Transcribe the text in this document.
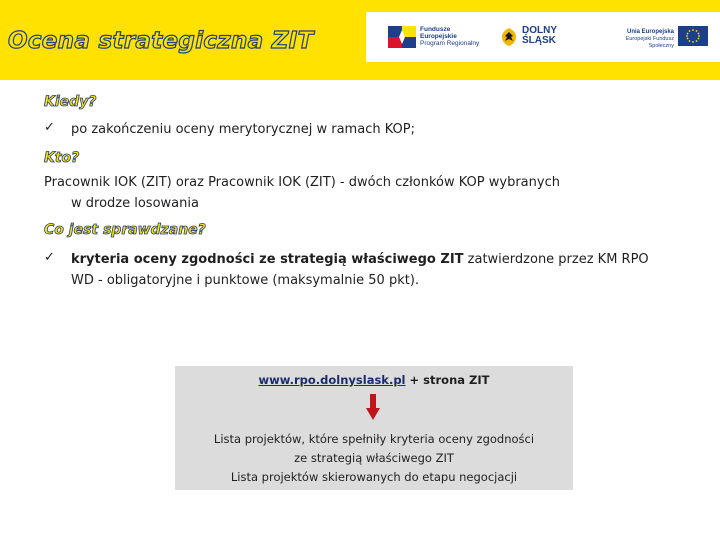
Ocena strategiczna ZIT	Fundusze
Europejskie
Program Regionalny
DOLNY
ŚLĄSK
Unia Europejska
Europejski Fundusz Społeczny
Kiedy?
✓ po zakończeniu oceny merytorycznej w ramach KOP;

Kto?

Pracownik IOK (ZIT) oraz Pracownik IOK (ZIT) - dwóch członków KOP wybranych

w drodze losowania

Co jest sprawdzane?
✓ kryteria oceny zgodności ze strategią właściwego ZIT zatwierdzone przez KM RPO

WD - obligatoryjne i punktowe (maksymalnie 50 pkt).

www.rpo.dolnyslask.pl + strona ZIT
Lista projektów, które spełniły kryteria oceny zgodności
ze strategią właściwego ZIT
Lista projektów skierowanych do etapu negocjacji
